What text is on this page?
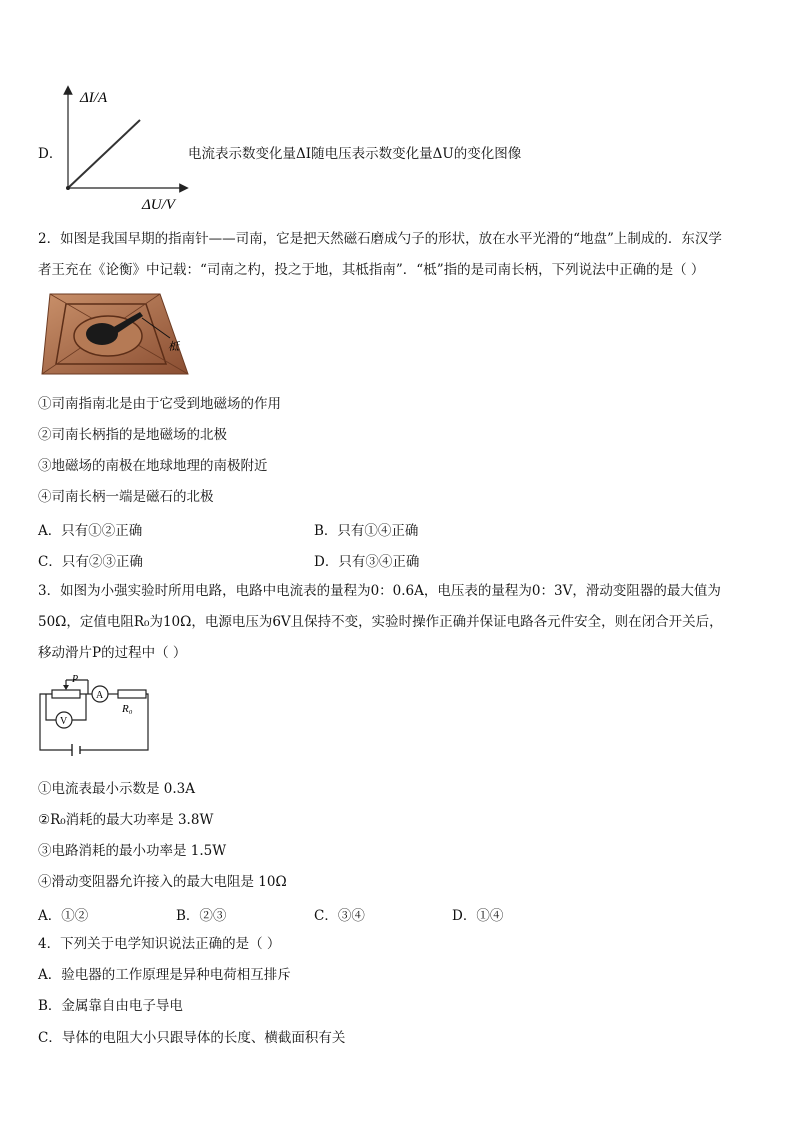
D．
ΔI/A
ΔU/V
电流表示数变化量ΔI随电压表示数变化量ΔU的变化图像
2．如图是我国早期的指南针——司南，它是把天然磁石磨成勺子的形状，放在水平光滑的“地盘”上制成的．东汉学
者王充在《论衡》中记载：“司南之杓，投之于地，其柢指南”．“柢”指的是司南长柄，下列说法中正确的是（ ）
柢
①司南指南北是由于它受到地磁场的作用
②司南长柄指的是地磁场的北极
③地磁场的南极在地球地理的南极附近
④司南长柄一端是磁石的北极
A．只有①②正确	B．只有①④正确
C．只有②③正确	D．只有③④正确
3．如图为小强实验时所用电路，电路中电流表的量程为0：0.6A，电压表的量程为0：3V，滑动变阻器的最大值为
50Ω，定值电阻R₀为10Ω，电源电压为6V且保持不变，实验时操作正确并保证电路各元件安全，则在闭合开关后，
移动滑片P的过程中（ ）
P
A
R₀
V
①电流表最小示数是 0.3A
②R₀消耗的最大功率是 3.8W
③电路消耗的最小功率是 1.5W
④滑动变阻器允许接入的最大电阻是 10Ω
A．①②	B．②③	C．③④	D．①④
4．下列关于电学知识说法正确的是（ ）
A．验电器的工作原理是异种电荷相互排斥
B．金属靠自由电子导电
C．导体的电阻大小只跟导体的长度、横截面积有关
